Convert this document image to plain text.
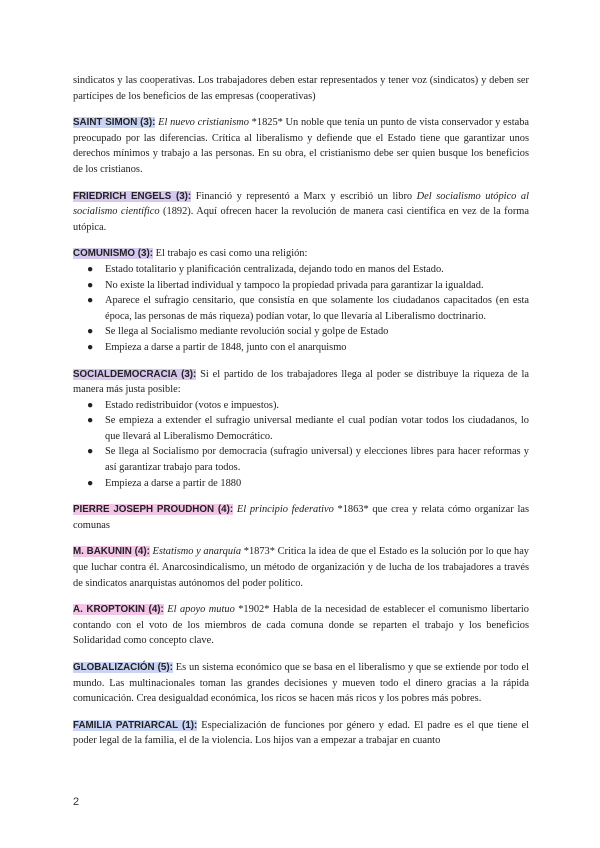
sindicatos y las cooperativas. Los trabajadores deben estar representados y tener voz (sindicatos) y deben ser partícipes de los beneficios de las empresas (cooperativas)

SAINT SIMON (3): El nuevo cristianismo *1825* Un noble que tenía un punto de vista conservador y estaba preocupado por las diferencias. Crítica al liberalismo y defiende que el Estado tiene que garantizar unos derechos mínimos y trabajo a las personas. En su obra, el cristianismo debe ser quien busque los beneficios de los cristianos.

FRIEDRICH ENGELS (3): Financió y representó a Marx y escribió un libro Del socialismo utópico al socialismo científico (1892). Aquí ofrecen hacer la revolución de manera casi científica en vez de la forma utópica.

COMUNISMO (3): El trabajo es casi como una religión:
● Estado totalitario y planificación centralizada, dejando todo en manos del Estado.
● No existe la libertad individual y tampoco la propiedad privada para garantizar la igualdad.
● Aparece el sufragio censitario, que consistía en que solamente los ciudadanos capacitados (en esta época, las personas de más riqueza) podían votar, lo que llevaría al Liberalismo doctrinario.
● Se llega al Socialismo mediante revolución social y golpe de Estado
● Empieza a darse a partir de 1848, junto con el anarquismo
SOCIALDEMOCRACIA (3): Si el partido de los trabajadores llega al poder se distribuye la riqueza de la manera más justa posible:
● Estado redistribuidor (votos e impuestos).
● Se empieza a extender el sufragio universal mediante el cual podían votar todos los ciudadanos, lo que llevará al Liberalismo Democrático.
● Se llega al Socialismo por democracia (sufragio universal) y elecciones libres para hacer reformas y así garantizar trabajo para todos.
● Empieza a darse a partir de 1880

PIERRE JOSEPH PROUDHON (4): El principio federativo *1863* que crea y relata cómo organizar las comunas

M. BAKUNIN (4): Estatismo y anarquía *1873* Critica la idea de que el Estado es la solución por lo que hay que luchar contra él. Anarcosindicalismo, un método de organización y de lucha de los trabajadores a través de sindicatos anarquistas autónomos del poder político.

A. KROPTOKIN (4): El apoyo mutuo *1902* Habla de la necesidad de establecer el comunismo libertario contando con el voto de los miembros de cada comuna donde se reparten el trabajo y los beneficios Solidaridad como concepto clave.

GLOBALIZACIÓN (5): Es un sistema económico que se basa en el liberalismo y que se extiende por todo el mundo. Las multinacionales toman las grandes decisiones y mueven todo el dinero gracias a la rápida comunicación. Crea desigualdad económica, los ricos se hacen más ricos y los pobres más pobres.

FAMILIA PATRIARCAL (1): Especialización de funciones por género y edad. El padre es el que tiene el poder legal de la familia, el de la violencia. Los hijos van a empezar a trabajar en cuanto

2
